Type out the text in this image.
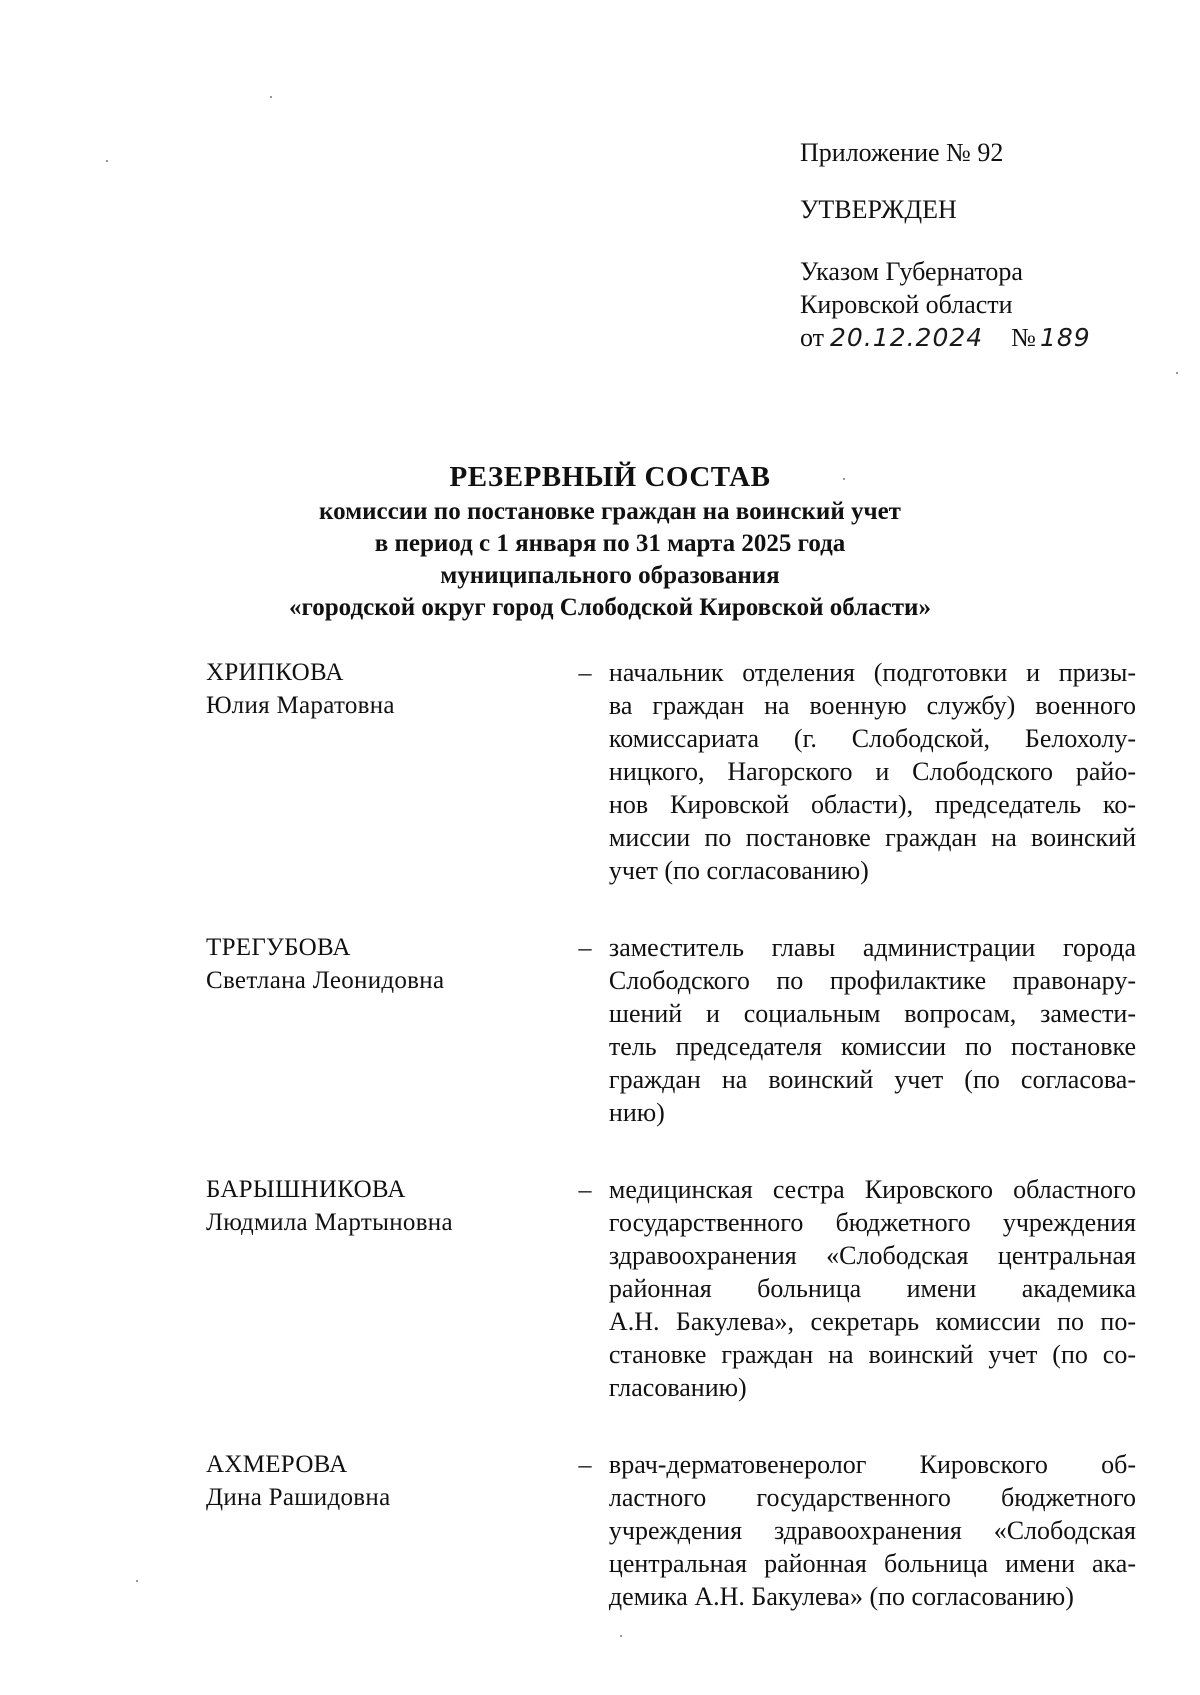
Приложение № 92
УТВЕРЖДЕН
Указом Губернатора
Кировской области
от 20.12.2024 № 189
РЕЗЕРВНЫЙ СОСТАВ
комиссии по постановке граждан на воинский учет
в период с 1 января по 31 марта 2025 года
муниципального образования
«городской округ город Слободской Кировской области»
ХРИПКОВА
Юлия Маратовна
– начальник отделения (подготовки и призы-
ва граждан на военную службу) военного
комиссариата (г. Слободской, Белохолу-
ницкого, Нагорского и Слободского райо-
нов Кировской области), председатель ко-
миссии по постановке граждан на воинский
учет (по согласованию)
ТРЕГУБОВА
Светлана Леонидовна
– заместитель главы администрации города
Слободского по профилактике правонару-
шений и социальным вопросам, замести-
тель председателя комиссии по постановке
граждан на воинский учет (по согласова-
нию)
БАРЫШНИКОВА
Людмила Мартыновна
– медицинская сестра Кировского областного
государственного бюджетного учреждения
здравоохранения «Слободская центральная
районная больница имени академика
А.Н. Бакулева», секретарь комиссии по по-
становке граждан на воинский учет (по со-
гласованию)
АХМЕРОВА
Дина Рашидовна
– врач-дерматовенеролог Кировского об-
ластного государственного бюджетного
учреждения здравоохранения «Слободская
центральная районная больница имени ака-
демика А.Н. Бакулева» (по согласованию)
